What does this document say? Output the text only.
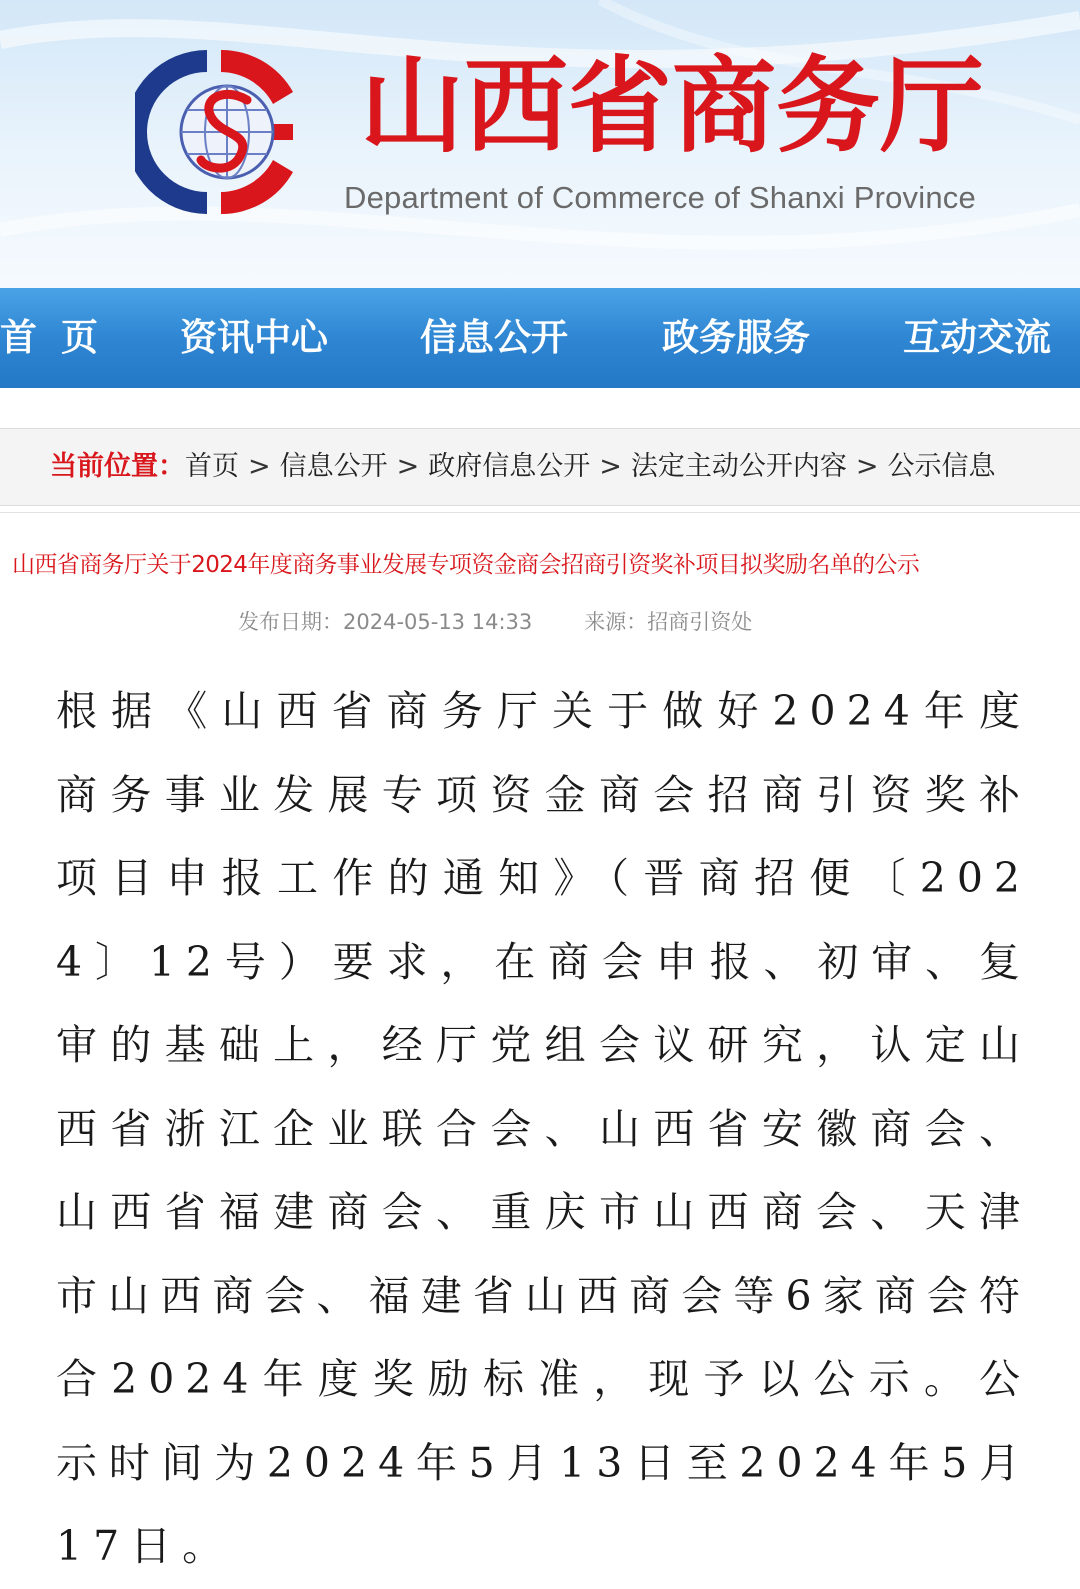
山西省商务厅
Department of Commerce of Shanxi Province
首页 资讯中心 信息公开	政务服务	互动交流
当前位置：首页 > 信息公开 > 政府信息公开 > 法定主动公开内容 > 公示信息
山西省商务厅关于2024年度商务事业发展专项资金商会招商引资奖补项目拟奖励名单的公示
发布日期：2024-05-13 14:33 来源：招商引资处
根据《山西省商务厅关于做好2024年度商务事业发展专项资金商会招商引资奖补项目申报工作的通知》（晋商招便〔2024〕12号）要求，在商会申报、初审、复审的基础上，经厅党组会议研究，认定山西省浙江企业联合会、山西省安徽商会、山西省福建商会、重庆市山西商会、天津市山西商会、福建省山西商会等6家商会符合2024年度奖励标准，现予以公示。公示时间为2024年5月13日至2024年5月17日。
